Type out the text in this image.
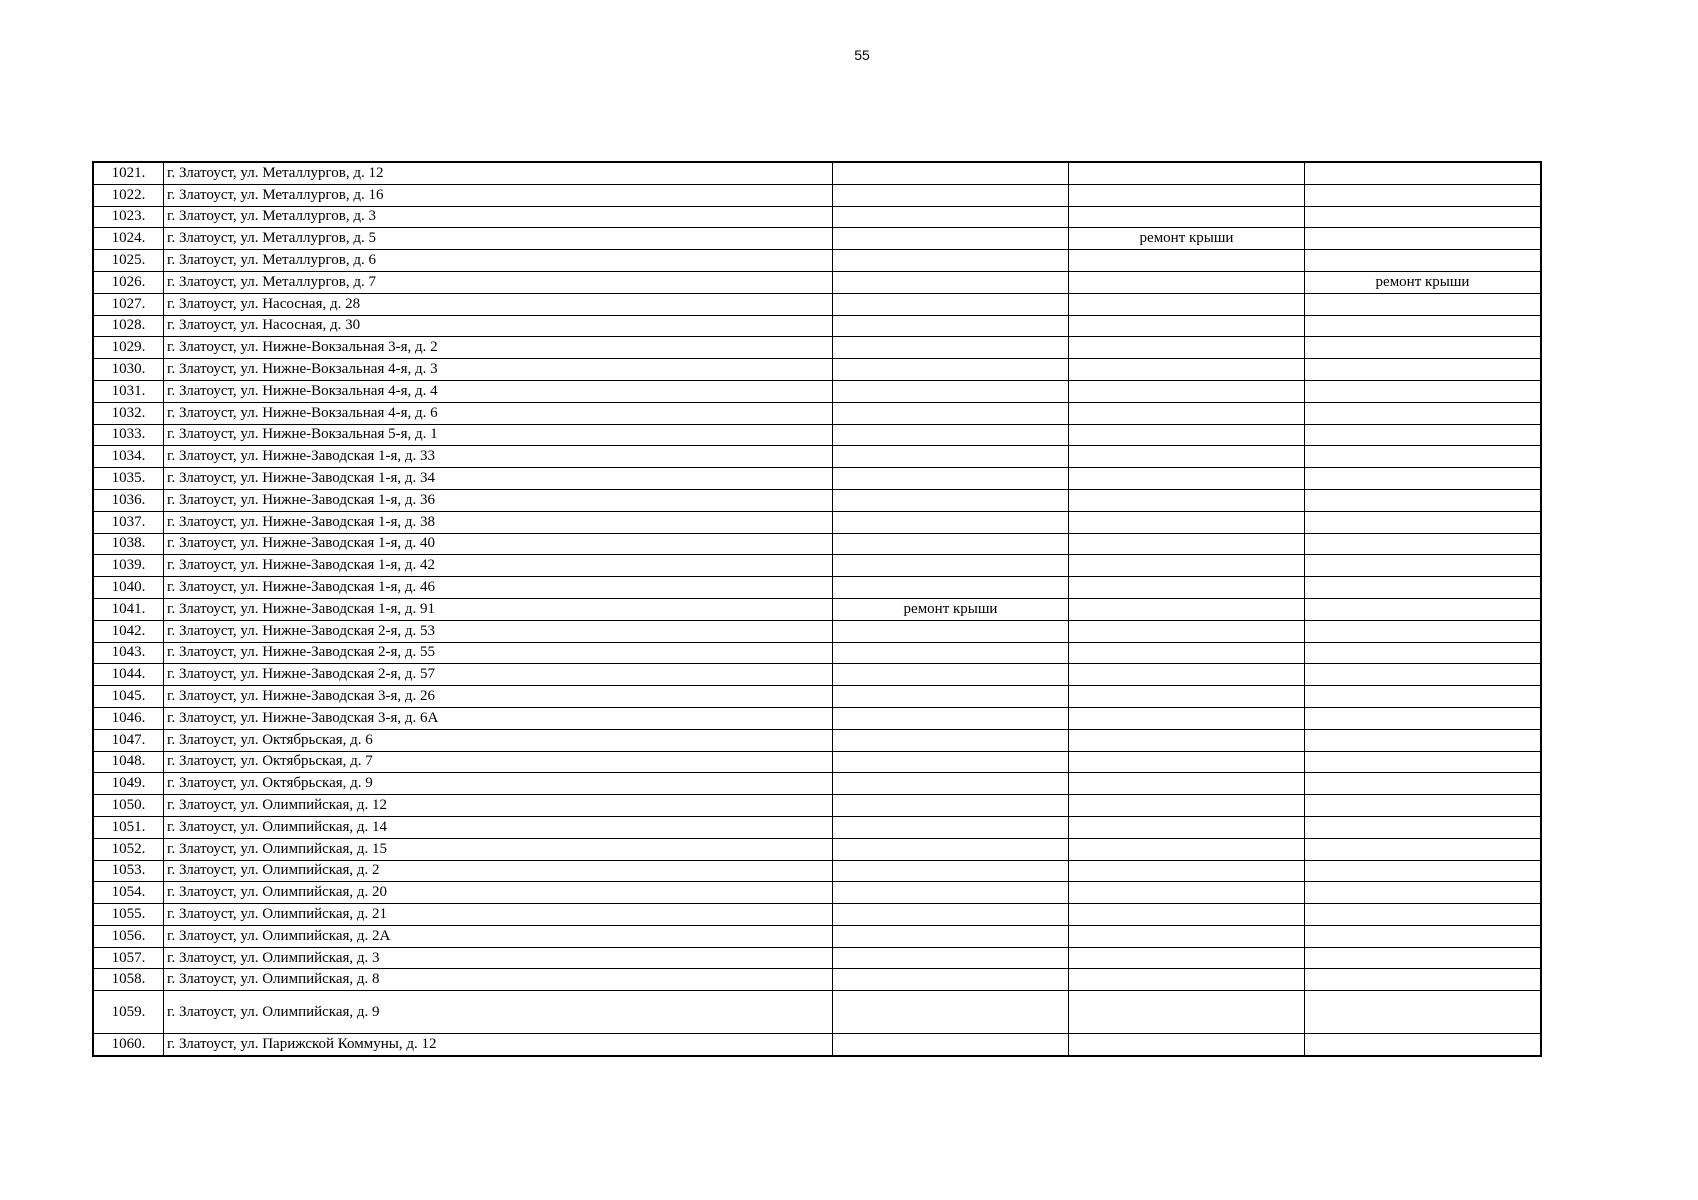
55
1021.	г. Златоуст, ул. Металлургов, д. 12			
1022.	г. Златоуст, ул. Металлургов, д. 16			
1023.	г. Златоуст, ул. Металлургов, д. 3			
1024.	г. Златоуст, ул. Металлургов, д. 5		ремонт крыши	
1025.	г. Златоуст, ул. Металлургов, д. 6			
1026.	г. Златоуст, ул. Металлургов, д. 7			ремонт крыши
1027.	г. Златоуст, ул. Насосная, д. 28			
1028.	г. Златоуст, ул. Насосная, д. 30			
1029.	г. Златоуст, ул. Нижне-Вокзальная 3-я, д. 2			
1030.	г. Златоуст, ул. Нижне-Вокзальная 4-я, д. 3			
1031.	г. Златоуст, ул. Нижне-Вокзальная 4-я, д. 4			
1032.	г. Златоуст, ул. Нижне-Вокзальная 4-я, д. 6			
1033.	г. Златоуст, ул. Нижне-Вокзальная 5-я, д. 1			
1034.	г. Златоуст, ул. Нижне-Заводская 1-я, д. 33			
1035.	г. Златоуст, ул. Нижне-Заводская 1-я, д. 34			
1036.	г. Златоуст, ул. Нижне-Заводская 1-я, д. 36			
1037.	г. Златоуст, ул. Нижне-Заводская 1-я, д. 38			
1038.	г. Златоуст, ул. Нижне-Заводская 1-я, д. 40			
1039.	г. Златоуст, ул. Нижне-Заводская 1-я, д. 42			
1040.	г. Златоуст, ул. Нижне-Заводская 1-я, д. 46			
1041.	г. Златоуст, ул. Нижне-Заводская 1-я, д. 91	ремонт крыши		
1042.	г. Златоуст, ул. Нижне-Заводская 2-я, д. 53			
1043.	г. Златоуст, ул. Нижне-Заводская 2-я, д. 55			
1044.	г. Златоуст, ул. Нижне-Заводская 2-я, д. 57			
1045.	г. Златоуст, ул. Нижне-Заводская 3-я, д. 26			
1046.	г. Златоуст, ул. Нижне-Заводская 3-я, д. 6А			
1047.	г. Златоуст, ул. Октябрьская, д. 6			
1048.	г. Златоуст, ул. Октябрьская, д. 7			
1049.	г. Златоуст, ул. Октябрьская, д. 9			
1050.	г. Златоуст, ул. Олимпийская, д. 12			
1051.	г. Златоуст, ул. Олимпийская, д. 14			
1052.	г. Златоуст, ул. Олимпийская, д. 15			
1053.	г. Златоуст, ул. Олимпийская, д. 2			
1054.	г. Златоуст, ул. Олимпийская, д. 20			
1055.	г. Златоуст, ул. Олимпийская, д. 21			
1056.	г. Златоуст, ул. Олимпийская, д. 2А			
1057.	г. Златоуст, ул. Олимпийская, д. 3			
1058.	г. Златоуст, ул. Олимпийская, д. 8			
1059.	г. Златоуст, ул. Олимпийская, д. 9			
1060.	г. Златоуст, ул. Парижской Коммуны, д. 12			
